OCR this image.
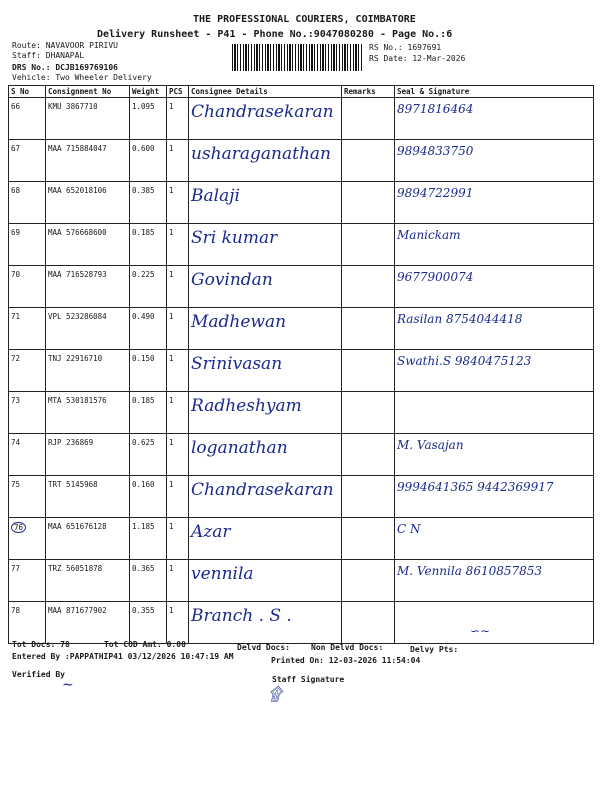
THE PROFESSIONAL COURIERS, COIMBATORE
Delivery Runsheet - P41 - Phone No.:9047080280 - Page No.:6
Route: NAVAVOOR PIRIVU
Staff: DHANAPAL
DRS No.: DCJB169769106
Vehicle: Two Wheeler Delivery
RS No.: 1697691
RS Date: 12-Mar-2026
S No	Consignment No	Weight	PCS	Consignee Details	Remarks	Seal & Signature
66	KMU 3867710	1.095	1	Chandrasekaran		8971816464
67	MAA 715884047	0.600	1	usharaganathan		9894833750
68	MAA 652018106	0.385	1	Balaji		9894722991
69	MAA 576668600	0.185	1	Sri kumar		Manickam
70	MAA 716528793	0.225	1	Govindan		9677900074
71	VPL 523286084	0.490	1	Madhewan		Rasilan 8754044418
72	TNJ 22916710	0.150	1	Srinivasan		Swathi.S 9840475123
73	MTA 530181576	0.185	1	Radheshyam		
74	RJP 236869	0.625	1	loganathan		M. Vasajan
75	TRT 5145968	0.160	1	Chandrasekaran		9994641365 9442369917
76	MAA 651676128	1.185	1	Azar		C N
77	TRZ 56051878	0.365	1	vennila		M. Vennila 8610857853
78	MAA 871677902	0.355	1	Branch . S .		
Tot Docs: 78	Tot COD Amt: 0.00	Delvd Docs:	Non Delvd Docs:	Delvy Pts:
Entered By :PAPPATHIP41 03/12/2026 10:47:19 AM	Printed On: 12-03-2026 11:54:04
Verified By
Staff Signature
∼	۩
∽∼
